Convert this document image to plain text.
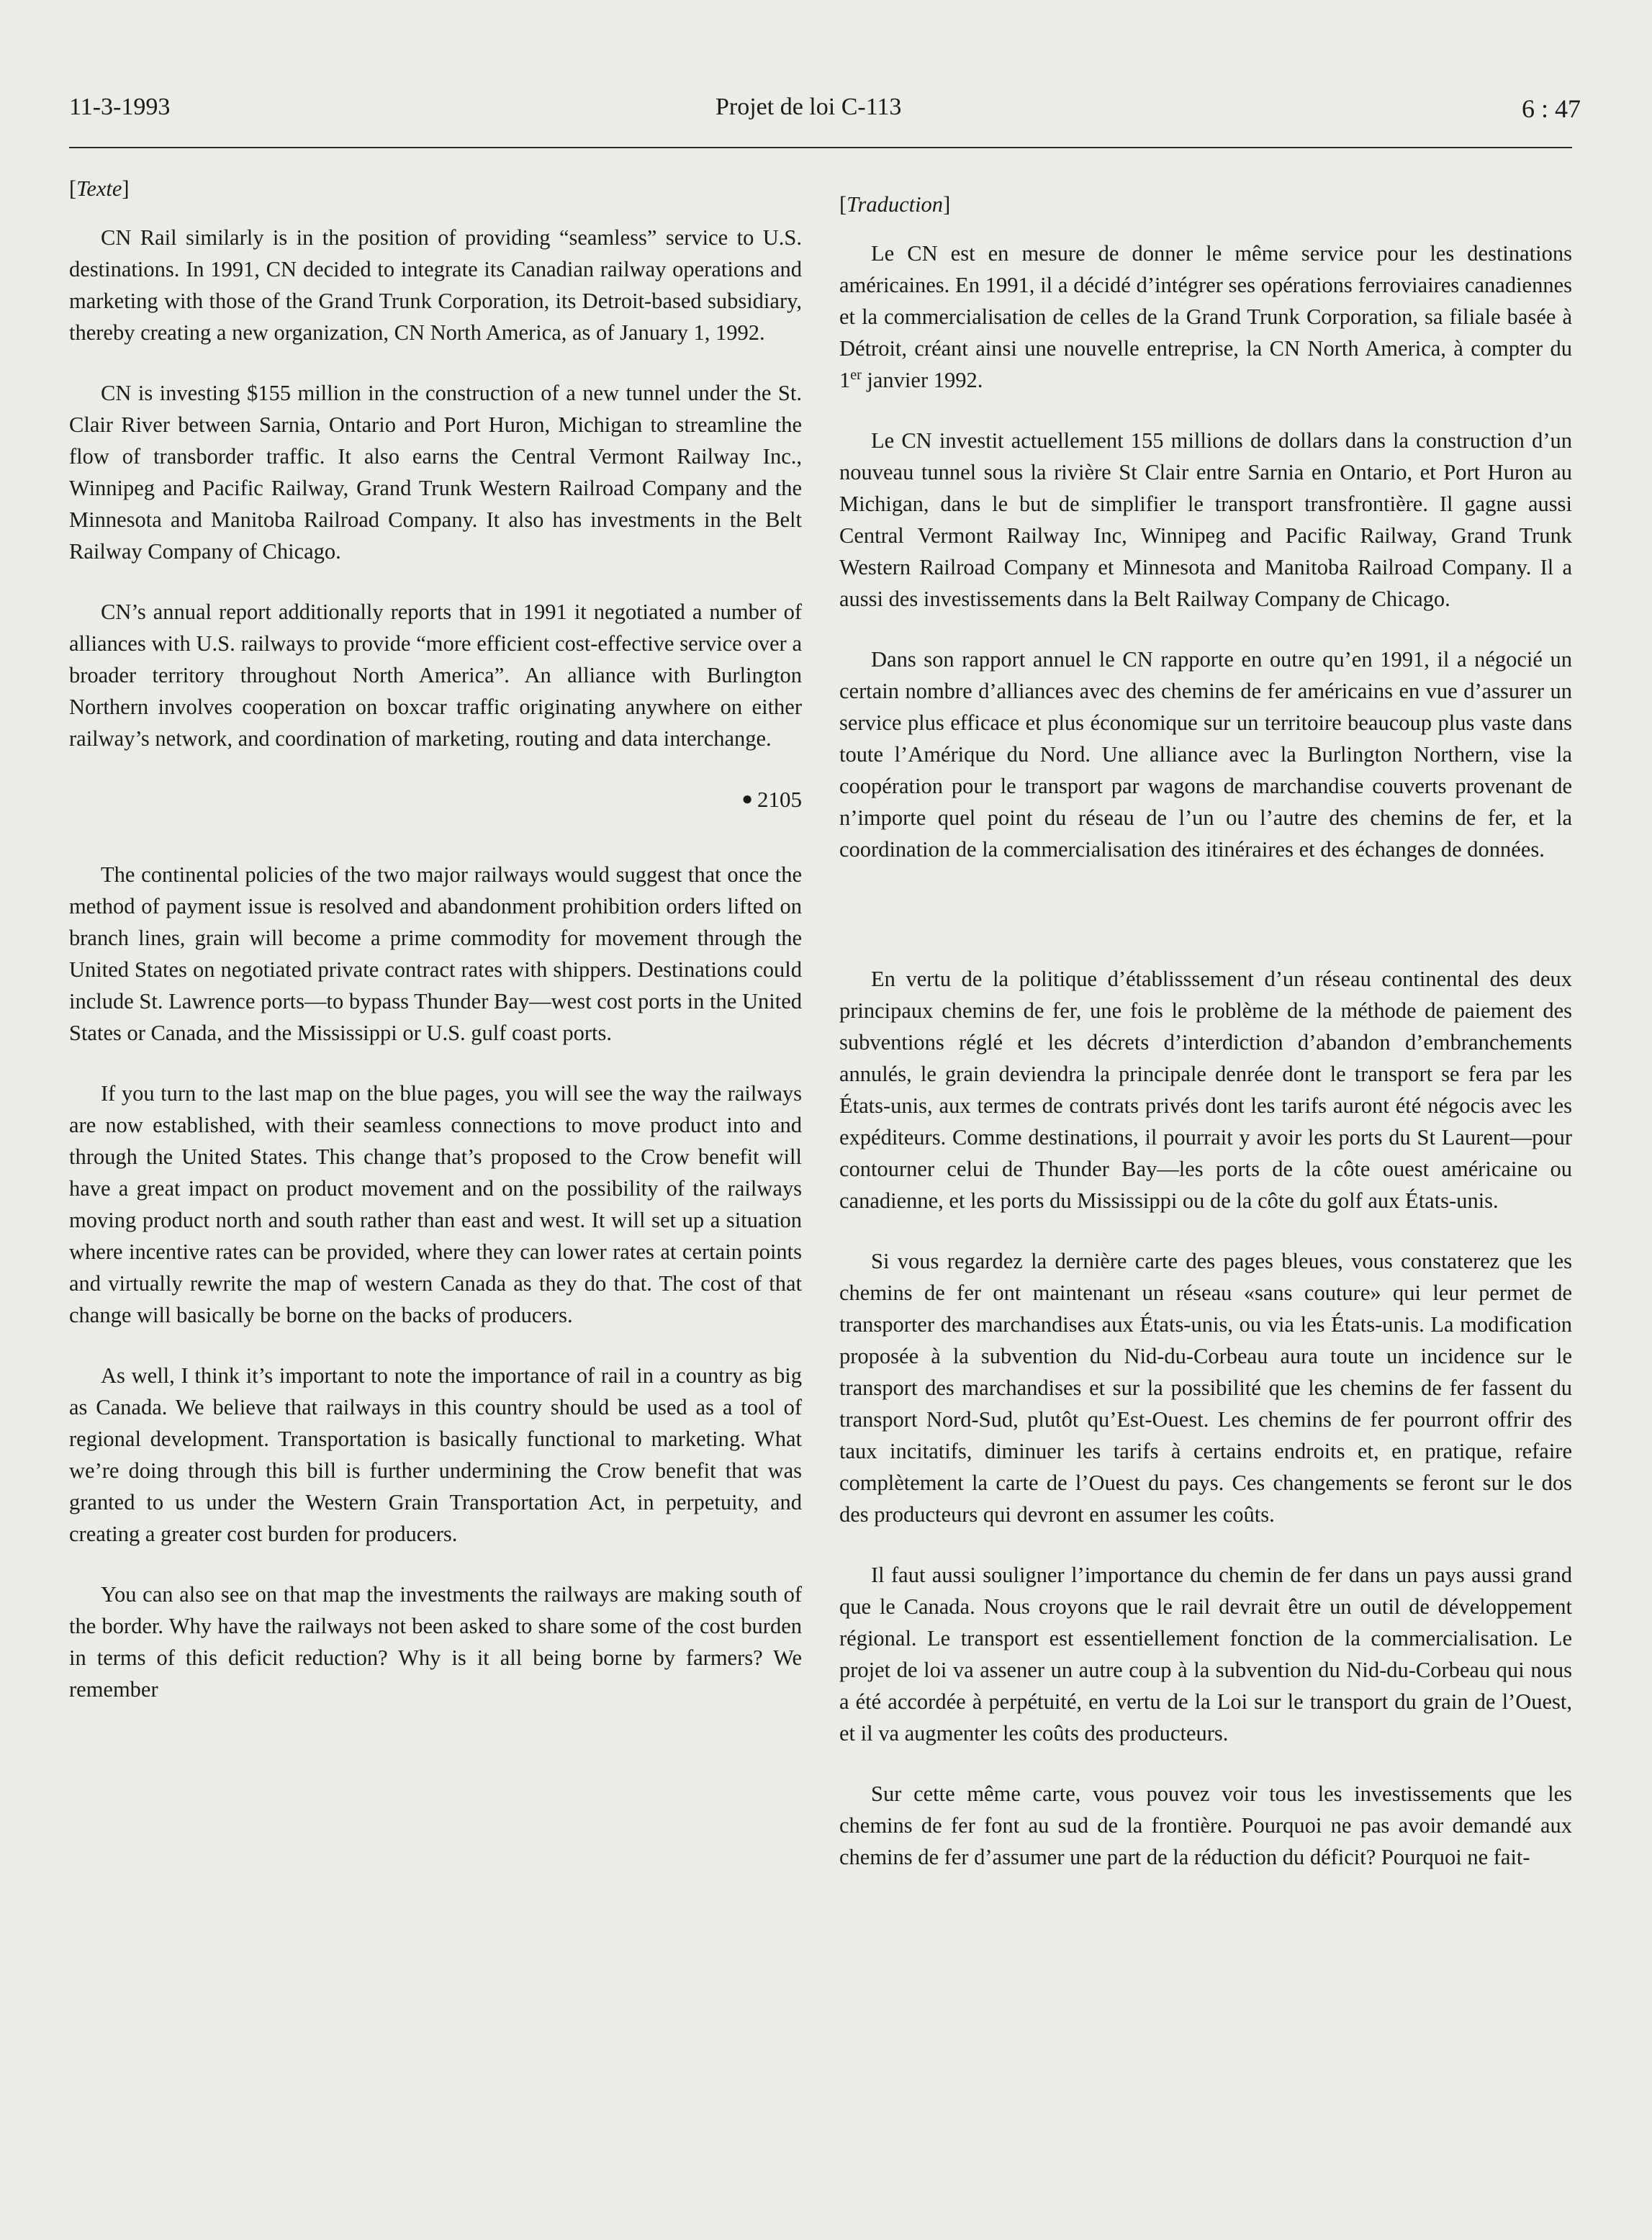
11-3-1993	Projet de loi C-113	6 : 47
[Texte]

CN Rail similarly is in the position of providing “seamless” service to U.S. destinations. In 1991, CN decided to integrate its Canadian railway operations and marketing with those of the Grand Trunk Corporation, its Detroit-based subsidiary, thereby creating a new organization, CN North America, as of January 1, 1992.

CN is investing $155 million in the construction of a new tunnel under the St. Clair River between Sarnia, Ontario and Port Huron, Michigan to streamline the flow of transborder traffic. It also earns the Central Vermont Railway Inc., Winnipeg and Pacific Railway, Grand Trunk Western Railroad Company and the Minnesota and Manitoba Railroad Company. It also has investments in the Belt Railway Company of Chicago.

CN’s annual report additionally reports that in 1991 it negotiated a number of alliances with U.S. railways to provide “more efficient cost-effective service over a broader territory throughout North America”. An alliance with Burlington Northern involves cooperation on boxcar traffic originating anywhere on either railway’s network, and coordination of marketing, routing and data interchange.

● 2105

The continental policies of the two major railways would suggest that once the method of payment issue is resolved and abandonment prohibition orders lifted on branch lines, grain will become a prime commodity for movement through the United States on negotiated private contract rates with shippers. Destinations could include St. Lawrence ports—to bypass Thunder Bay—west cost ports in the United States or Canada, and the Mississippi or U.S. gulf coast ports.

If you turn to the last map on the blue pages, you will see the way the railways are now established, with their seamless connections to move product into and through the United States. This change that’s proposed to the Crow benefit will have a great impact on product movement and on the possibility of the railways moving product north and south rather than east and west. It will set up a situation where incentive rates can be provided, where they can lower rates at certain points and virtually rewrite the map of western Canada as they do that. The cost of that change will basically be borne on the backs of producers.

As well, I think it’s important to note the importance of rail in a country as big as Canada. We believe that railways in this country should be used as a tool of regional development. Transportation is basically functional to marketing. What we’re doing through this bill is further undermining the Crow benefit that was granted to us under the Western Grain Transportation Act, in perpetuity, and creating a greater cost burden for producers.

You can also see on that map the investments the railways are making south of the border. Why have the railways not been asked to share some of the cost burden in terms of this deficit reduction? Why is it all being borne by farmers? We remember

[Traduction]

Le CN est en mesure de donner le même service pour les destinations américaines. En 1991, il a décidé d’intégrer ses opérations ferroviaires canadiennes et la commercialisation de celles de la Grand Trunk Corporation, sa filiale basée à Détroit, créant ainsi une nouvelle entreprise, la CN North America, à compter du 1er janvier 1992.

Le CN investit actuellement 155 millions de dollars dans la construction d’un nouveau tunnel sous la rivière St Clair entre Sarnia en Ontario, et Port Huron au Michigan, dans le but de simplifier le transport transfrontière. Il gagne aussi Central Vermont Railway Inc, Winnipeg and Pacific Railway, Grand Trunk Western Railroad Company et Minnesota and Manitoba Railroad Company. Il a aussi des investissements dans la Belt Railway Company de Chicago.

Dans son rapport annuel le CN rapporte en outre qu’en 1991, il a négocié un certain nombre d’alliances avec des chemins de fer américains en vue d’assurer un service plus efficace et plus économique sur un territoire beaucoup plus vaste dans toute l’Amérique du Nord. Une alliance avec la Burlington Northern, vise la coopération pour le transport par wagons de marchandise couverts provenant de n’importe quel point du réseau de l’un ou l’autre des chemins de fer, et la coordination de la commercialisation des itinéraires et des échanges de données.

En vertu de la politique d’établisssement d’un réseau continental des deux principaux chemins de fer, une fois le problème de la méthode de paiement des subventions réglé et les décrets d’interdiction d’abandon d’embranchements annulés, le grain deviendra la principale denrée dont le transport se fera par les États-unis, aux termes de contrats privés dont les tarifs auront été négocis avec les expéditeurs. Comme destinations, il pourrait y avoir les ports du St Laurent—pour contourner celui de Thunder Bay—les ports de la côte ouest américaine ou canadienne, et les ports du Mississippi ou de la côte du golf aux États-unis.

Si vous regardez la dernière carte des pages bleues, vous constaterez que les chemins de fer ont maintenant un réseau «sans couture» qui leur permet de transporter des marchandises aux États-unis, ou via les États-unis. La modification proposée à la subvention du Nid-du-Corbeau aura toute un incidence sur le transport des marchandises et sur la possibilité que les chemins de fer fassent du transport Nord-Sud, plutôt qu’Est-Ouest. Les chemins de fer pourront offrir des taux incitatifs, diminuer les tarifs à certains endroits et, en pratique, refaire complètement la carte de l’Ouest du pays. Ces changements se feront sur le dos des producteurs qui devront en assumer les coûts.

Il faut aussi souligner l’importance du chemin de fer dans un pays aussi grand que le Canada. Nous croyons que le rail devrait être un outil de développement régional. Le transport est essentiellement fonction de la commercialisation. Le projet de loi va assener un autre coup à la subvention du Nid-du-Corbeau qui nous a été accordée à perpétuité, en vertu de la Loi sur le transport du grain de l’Ouest, et il va augmenter les coûts des producteurs.

Sur cette même carte, vous pouvez voir tous les investissements que les chemins de fer font au sud de la frontière. Pourquoi ne pas avoir demandé aux chemins de fer d’assumer une part de la réduction du déficit? Pourquoi ne fait-
